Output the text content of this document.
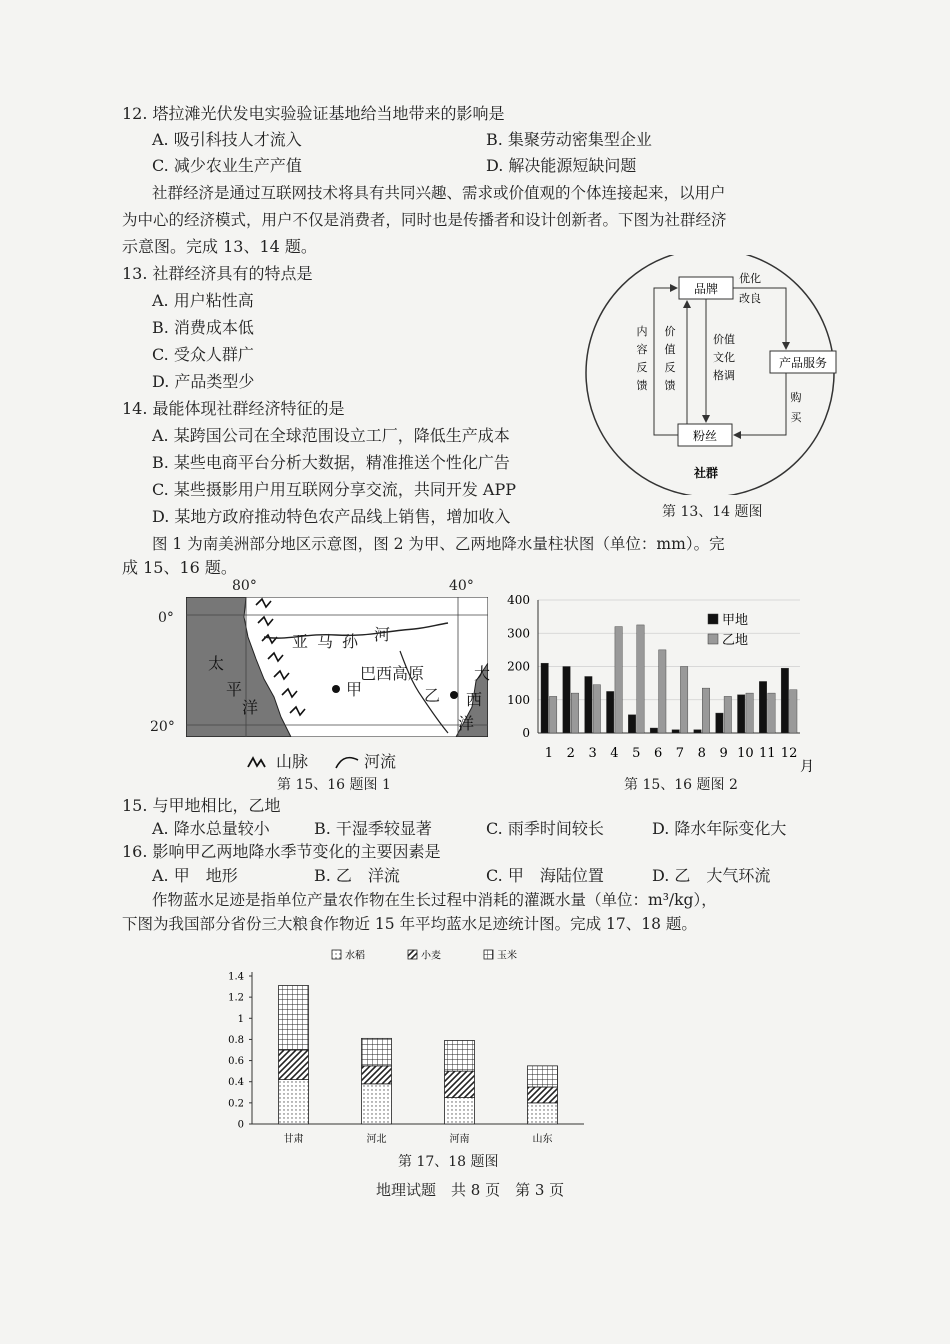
12. 塔拉滩光伏发电实验验证基地给当地带来的影响是
A. 吸引科技人才流入	B. 集聚劳动密集型企业
C. 减少农业生产产值	D. 解决能源短缺问题
社群经济是通过互联网技术将具有共同兴趣、需求或价值观的个体连接起来，以用户
为中心的经济模式，用户不仅是消费者，同时也是传播者和设计创新者。下图为社群经济
示意图。完成 13、14 题。
13. 社群经济具有的特点是
A. 用户粘性高
B. 消费成本低
C. 受众人群广
D. 产品类型少
14. 最能体现社群经济特征的是
A. 某跨国公司在全球范围设立工厂，降低生产成本
B. 某些电商平台分析大数据，精准推送个性化广告
C. 某些摄影用户用互联网分享交流，共同开发 APP
D. 某地方政府推动特色农产品线上销售，增加收入
品牌
产品服务
粉丝
优化
改良
内
容
反
馈
价
值
反
馈
价值
文化
格调
购
买
社群
第 13、14 题图
图 1 为南美洲部分地区示意图，图 2 为甲、乙两地降水量柱状图（单位：mm）。完
成 15、16 题。
80°	40°
0°
20°
亚 马 孙 河
巴西高原
甲	乙
太
平
洋
大
西
洋
山脉	河流
第 15、16 题图 1
0
100
200
300
400
1 2 3 4 5 6 7 8 9 10 11 12
月
甲地
乙地
第 15、16 题图 2
15. 与甲地相比，乙地
A. 降水总量较小	B. 干湿季较显著	C. 雨季时间较长	D. 降水年际变化大
16. 影响甲乙两地降水季节变化的主要因素是
A. 甲　地形	B. 乙　洋流	C. 甲　海陆位置	D. 乙　大气环流
作物蓝水足迹是指单位产量农作物在生长过程中消耗的灌溉水量（单位：m³/kg），
下图为我国部分省份三大粮食作物近 15 年平均蓝水足迹统计图。完成 17、18 题。
0
0.2
0.4
0.6
0.8
1
1.2
1.4
甘肃	河北	河南	山东
水稻	小麦	玉米
第 17、18 题图
地理试题　共 8 页　第 3 页
